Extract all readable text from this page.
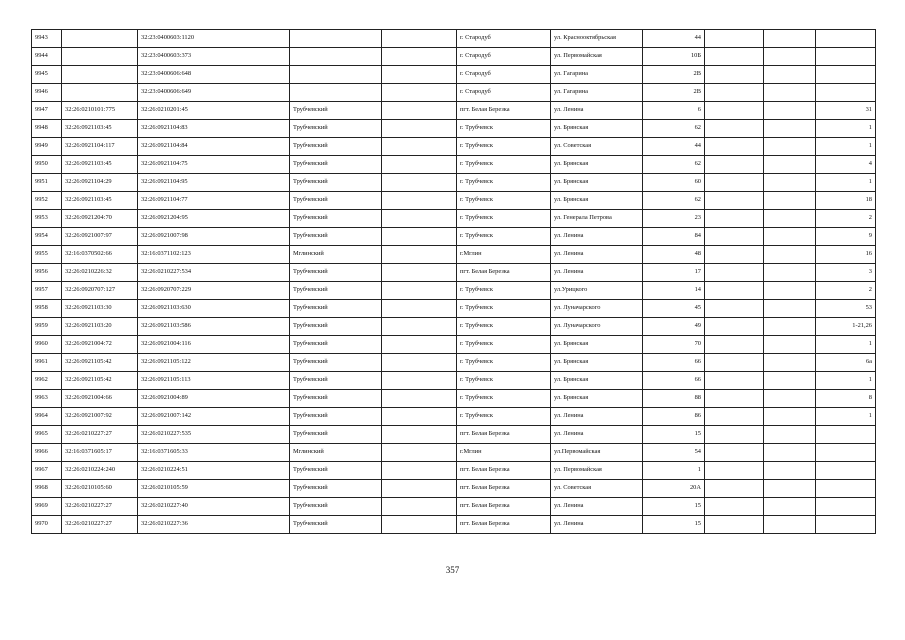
9943		32:23:0400603:1120			г. Стародуб	ул. Красноoктябрьская	44			
9944		32:23:0400603:373			г. Стародуб	ул. Первомайская	10Б			
9945		32:23:0400606:648			г. Стародуб	ул. Гагарина	2В			
9946		32:23:0400606:649			г. Стародуб	ул. Гагарина	2В			
9947	32:26:0210101:775	32:26:0210201:45	Трубчевский		пгт. Белая Березка	ул. Ленина	6			31
9948	32:26:0921103:45	32:26:0921104:83	Трубчевский		г. Трубчевск	ул. Брянская	62			1
9949	32:26:0921104:117	32:26:0921104:84	Трубчевский		г. Трубчевск	ул. Советская	44			1
9950	32:26:0921103:45	32:26:0921104:75	Трубчевский		г. Трубчевск	ул. Брянская	62			4
9951	32:26:0921104:29	32:26:0921104:95	Трубчевский		г. Трубчевск	ул. Брянская	60			1
9952	32:26:0921103:45	32:26:0921104:77	Трубчевский		г. Трубчевск	ул. Брянская	62			18
9953	32:26:0921204:70	32:26:0921204:95	Трубчевский		г. Трубчевск	ул. Генерала Петрова	23			2
9954	32:26:0921007:97	32:26:0921007:98	Трубчевский		г. Трубчевск	ул. Ленина	84			9
9955	32:16:0370502:66	32:16:0371102:123	Мглинский		г.Мглин	ул. Ленина	48			16
9956	32:26:0210226:32	32:26:0210227:534	Трубчевский		пгт. Белая Березка	ул. Ленина	17			3
9957	32:26:0920707:127	32:26:0920707:229	Трубчевский		г. Трубчевск	ул.Урицкого	14			2
9958	32:26:0921103:30	32:26:0921103:630	Трубчевский		г. Трубчевск	ул. Луначарского	45			53
9959	32:26:0921103:20	32:26:0921103:586	Трубчевский		г. Трубчевск	ул. Луначарского	49			1-21,26
9960	32:26:0921004:72	32:26:0921004:116	Трубчевский		г. Трубчевск	ул. Брянская	70			1
9961	32:26:0921105:42	32:26:0921105:122	Трубчевский		г. Трубчевск	ул. Брянская	66			6а
9962	32:26:0921105:42	32:26:0921105:113	Трубчевский		г. Трубчевск	ул. Брянская	66			1
9963	32:26:0921004:66	32:26:0921004:89	Трубчевский		г. Трубчевск	ул. Брянская	88			8
9964	32:26:0921007:92	32:26:0921007:142	Трубчевский		г. Трубчевск	ул. Ленина	86			1
9965	32:26:0210227:27	32:26:0210227:535	Трубчевский		пгт. Белая Березка	ул. Ленина	15			
9966	32:16:0371605:17	32:16:0371605:33	Мглинский		г.Мглин	ул.Первомайская	54			
9967	32:26:0210224:240	32:26:0210224:51	Трубчевский		пгт. Белая Березка	ул. Первомайская	1			
9968	32:26:0210105:60	32:26:0210105:59	Трубчевский		пгт. Белая Березка	ул. Советская	20А			
9969	32:26:0210227:27	32:26:0210227:40	Трубчевский		пгт. Белая Березка	ул. Ленина	15			
9970	32:26:0210227:27	32:26:0210227:36	Трубчевский		пгт. Белая Березка	ул. Ленина	15			
357
